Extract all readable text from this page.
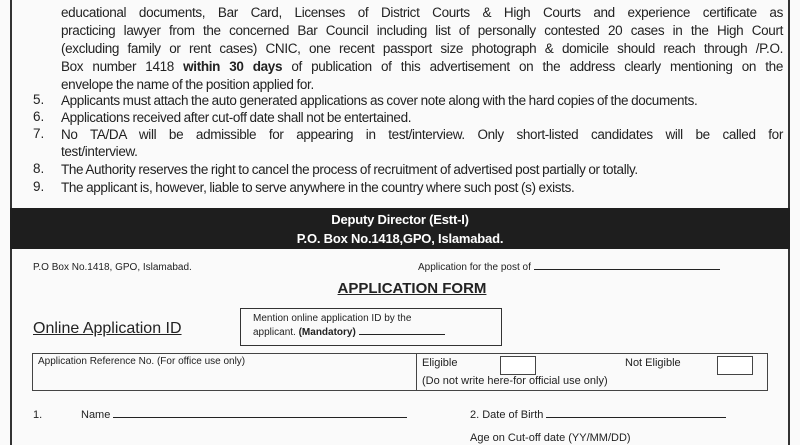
educational documents, Bar Card, Licenses of District Courts & High Courts and experience certificate as
practicing lawyer from the concerned Bar Council including list of personally contested 20 cases in the High Court
(excluding family or rent cases) CNIC, one recent passport size photograph & domicile should reach through /P.O.
Box number 1418 within 30 days of publication of this advertisement on the address clearly mentioning on the
envelope the name of the position applied for.
5. Applicants must attach the auto generated applications as cover note along with the hard copies of the documents.
6. Applications received after cut-off date shall not be entertained.
7. No TA/DA will be admissible for appearing in test/interview. Only short-listed candidates will be called for
test/interview.
8. The Authority reserves the right to cancel the process of recruitment of advertised post partially or totally.
9. The applicant is, however, liable to serve anywhere in the country where such post (s) exists.
Deputy Director (Estt-I)
P.O. Box No.1418,GPO, Islamabad.
P.O Box No.1418, GPO, Islamabad.	Application for the post of
APPLICATION FORM
Online Application ID
Mention online application ID by the
applicant. (Mandatory)
Application Reference No. (For office use only)	Eligible	Not Eligible
(Do not write here-for official use only)
1.	Name	2. Date of Birth
Age on Cut-off date (YY/MM/DD)
